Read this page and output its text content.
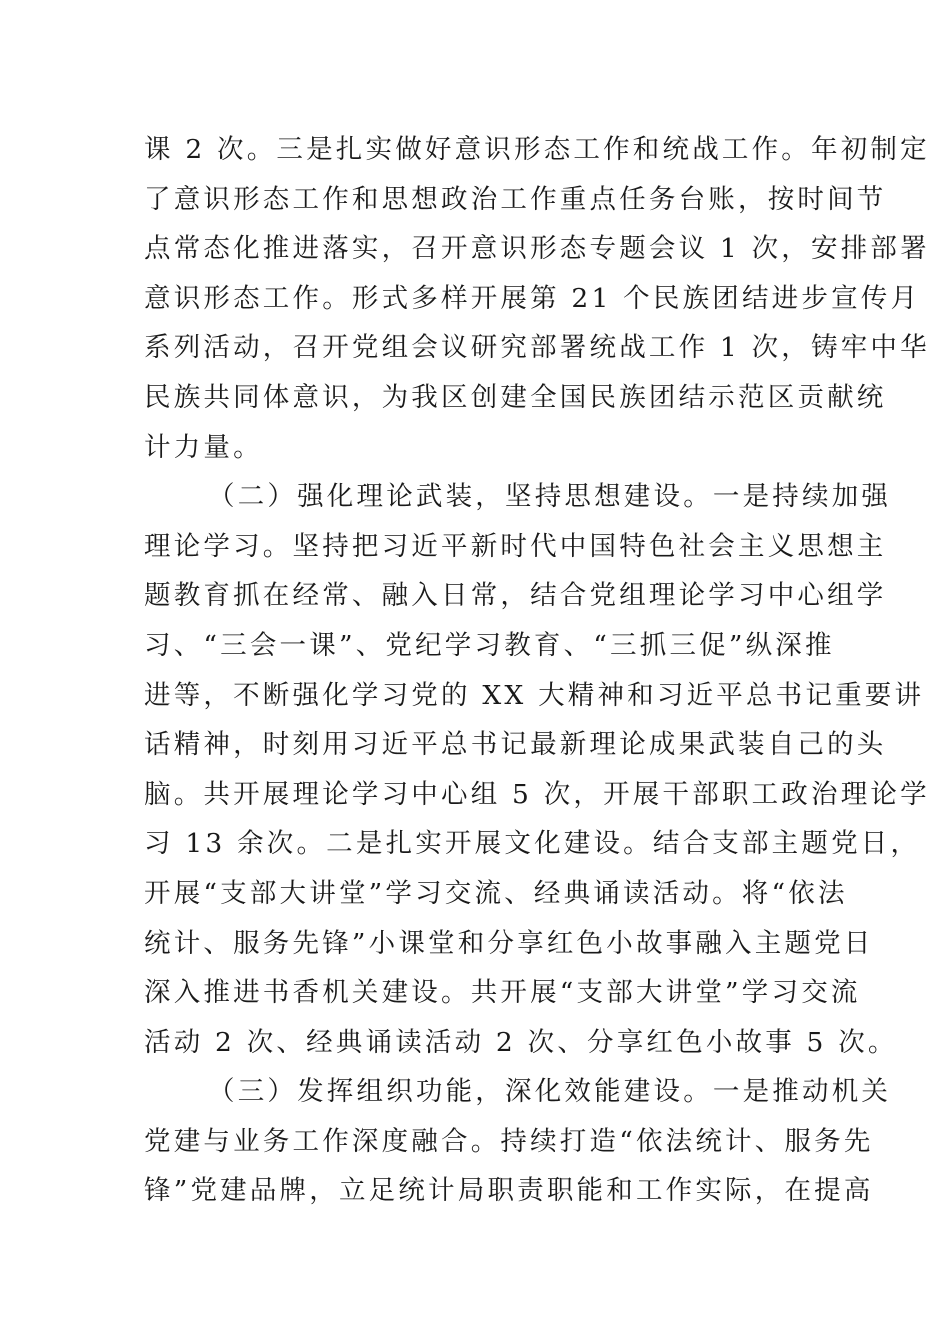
课 2 次。三是扎实做好意识形态工作和统战工作。年初制定
了意识形态工作和思想政治工作重点任务台账，按时间节
点常态化推进落实，召开意识形态专题会议 1 次，安排部署
意识形态工作。形式多样开展第 21 个民族团结进步宣传月
系列活动，召开党组会议研究部署统战工作 1 次，铸牢中华
民族共同体意识，为我区创建全国民族团结示范区贡献统
计力量。
（二）强化理论武装，坚持思想建设。一是持续加强
理论学习。坚持把习近平新时代中国特色社会主义思想主
题教育抓在经常、融入日常，结合党组理论学习中心组学
习、“三会一课”、党纪学习教育、“三抓三促”纵深推
进等，不断强化学习党的 XX 大精神和习近平总书记重要讲
话精神，时刻用习近平总书记最新理论成果武装自己的头
脑。共开展理论学习中心组 5 次，开展干部职工政治理论学
习 13 余次。二是扎实开展文化建设。结合支部主题党日，
开展“支部大讲堂”学习交流、经典诵读活动。将“依法
统计、服务先锋”小课堂和分享红色小故事融入主题党日
深入推进书香机关建设。共开展“支部大讲堂”学习交流
活动 2 次、经典诵读活动 2 次、分享红色小故事 5 次。
（三）发挥组织功能，深化效能建设。一是推动机关
党建与业务工作深度融合。持续打造“依法统计、服务先
锋”党建品牌，立足统计局职责职能和工作实际，在提高
